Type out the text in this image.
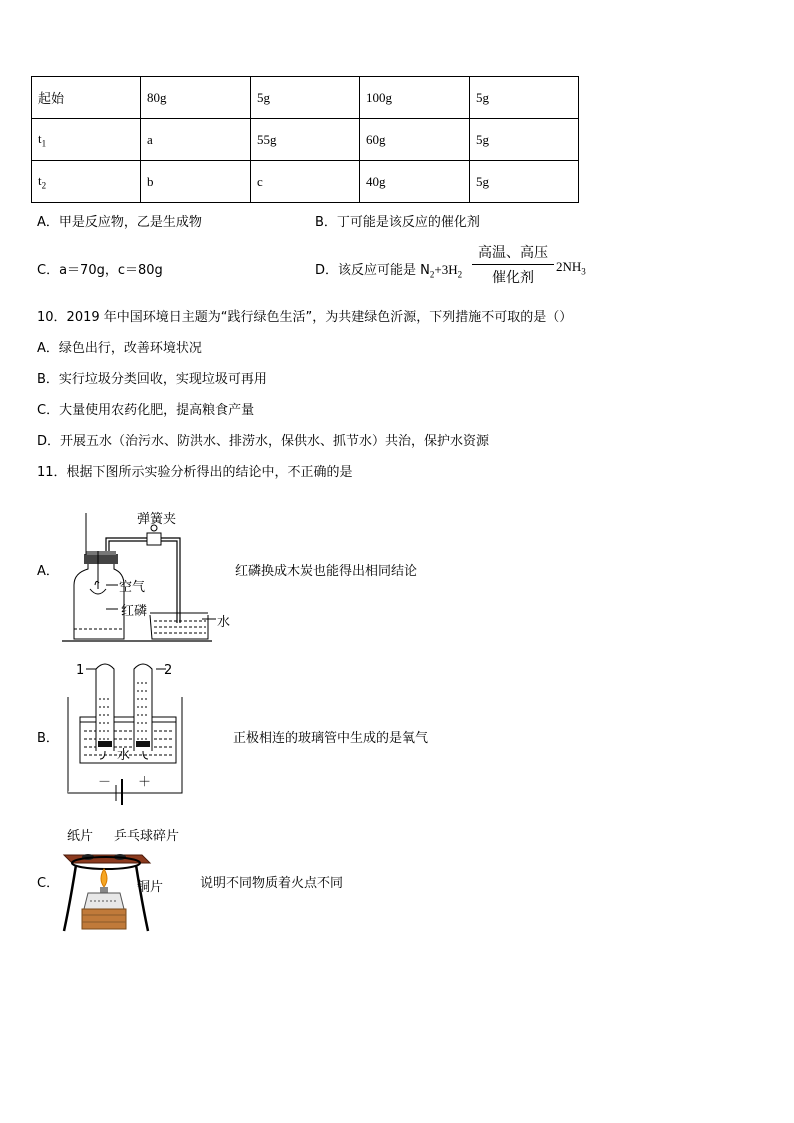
起始	80g	5g	100g	5g
$t_1$	a	55g	60g	5g
$t_2$	b	c	40g	5g
A．甲是反应物，乙是生成物	B．丁可能是该反应的催化剂
C．a＝70g，c＝80g	D．该反应可能是 $N_2+3H_2$
高温、高压
催化剂
$2NH_3$
10．2019 年中国环境日主题为“践行绿色生活”，为共建绿色沂源，下列措施不可取的是（）
A．绿色出行，改善环境状况
B．实行垃圾分类回收，实现垃圾可再用
C．大量使用农药化肥，提高粮食产量
D．开展五水（治污水、防洪水、排涝水，保供水、抓节水）共治，保护水资源
11．根据下图所示实验分析得出的结论中，不正确的是
A．
弹簧夹
空气
红磷
水
红磷换成木炭也能得出相同结论
B．
1	2
水
－ ＋
正极相连的玻璃管中生成的是氧气
纸片 乒乓球碎片
C．	铜片	说明不同物质着火点不同
